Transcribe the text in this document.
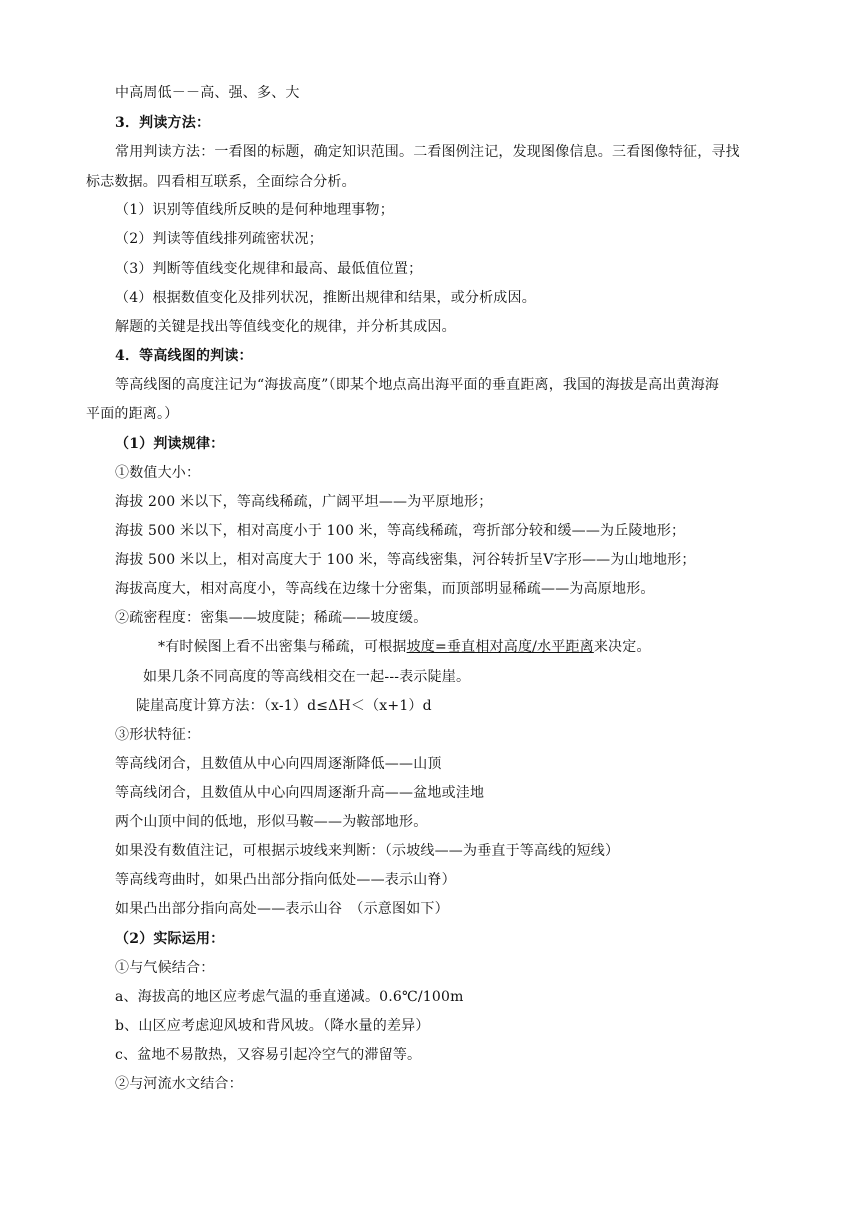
中高周低－－高、强、多、大
3．判读方法：
常用判读方法：一看图的标题，确定知识范围。二看图例注记，发现图像信息。三看图像特征，寻找
标志数据。四看相互联系，全面综合分析。
（1）识别等值线所反映的是何种地理事物；
（2）判读等值线排列疏密状况；
（3）判断等值线变化规律和最高、最低值位置；
（4）根据数值变化及排列状况，推断出规律和结果，或分析成因。
解题的关键是找出等值线变化的规律，并分析其成因。
4．等高线图的判读：
等高线图的高度注记为“海拔高度”（即某个地点高出海平面的垂直距离，我国的海拔是高出黄海海
平面的距离。）
（1）判读规律：
①数值大小：
海拔 200 米以下，等高线稀疏，广阔平坦——为平原地形；
海拔 500 米以下，相对高度小于 100 米，等高线稀疏，弯折部分较和缓——为丘陵地形；
海拔 500 米以上，相对高度大于 100 米，等高线密集，河谷转折呈Ⅴ字形——为山地地形；
海拔高度大，相对高度小，等高线在边缘十分密集，而顶部明显稀疏——为高原地形。
②疏密程度：密集——坡度陡；稀疏——坡度缓。
*有时候图上看不出密集与稀疏，可根据坡度=垂直相对高度/水平距离来决定。
如果几条不同高度的等高线相交在一起---表示陡崖。
陡崖高度计算方法：（x-1）d≤ΔH＜（x+1）d
③形状特征：
等高线闭合，且数值从中心向四周逐渐降低——山顶
等高线闭合，且数值从中心向四周逐渐升高——盆地或洼地
两个山顶中间的低地，形似马鞍——为鞍部地形。
如果没有数值注记，可根据示坡线来判断：（示坡线——为垂直于等高线的短线）
等高线弯曲时，如果凸出部分指向低处——表示山脊）
如果凸出部分指向高处——表示山谷　（示意图如下）
（2）实际运用：
①与气候结合：
a、海拔高的地区应考虑气温的垂直递减。0.6℃/100m
b、山区应考虑迎风坡和背风坡。（降水量的差异）
c、盆地不易散热，又容易引起冷空气的滞留等。
②与河流水文结合：
